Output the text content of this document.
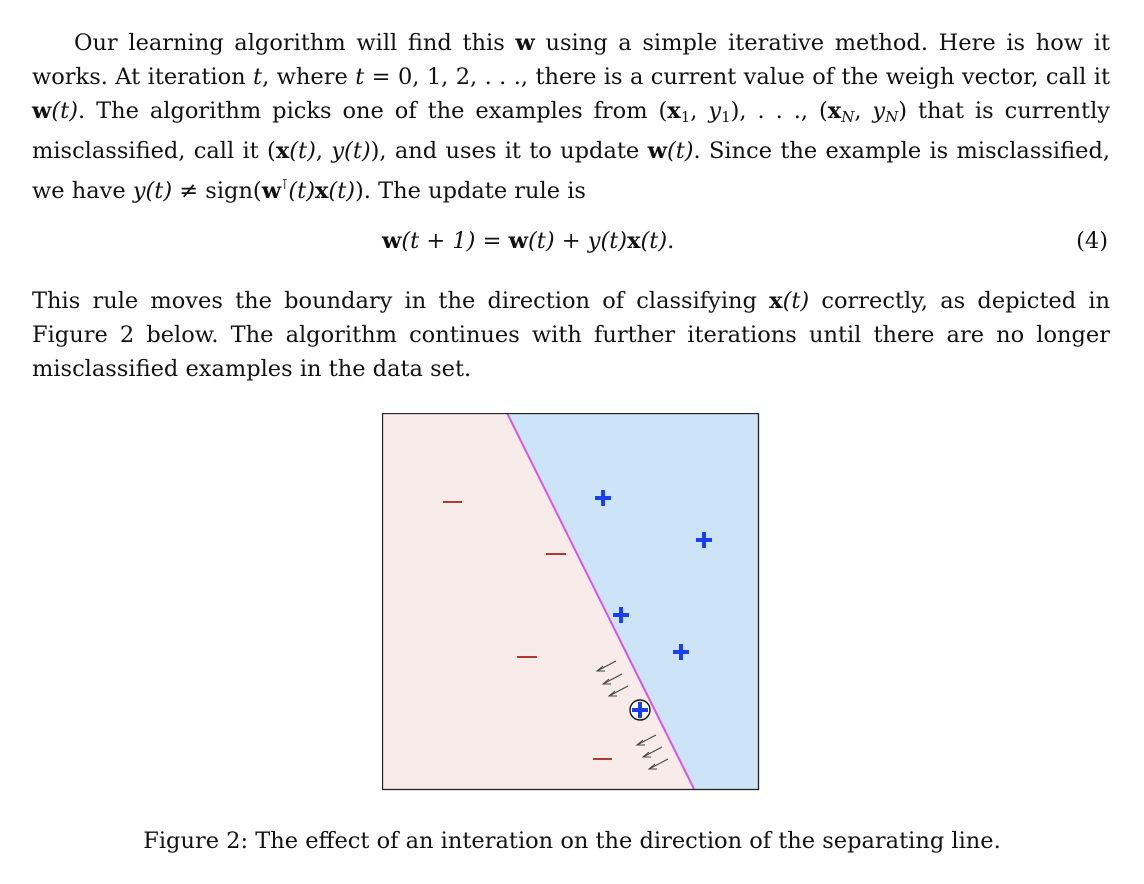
Our learning algorithm will find this w using a simple iterative method. Here is how it works. At iteration t, where t = 0, 1, 2, . . ., there is a current value of the weigh vector, call it w(t). The algorithm picks one of the examples from ($x_1$, $y_1$), . . ., ($x_N$, $y_N$) that is currently misclassified, call it (x(t), y(t)), and uses it to update w(t). Since the example is misclassified, we have y(t) ≠ sign(w⊺(t)x(t)). The update rule is

w(t + 1) = w(t) + y(t)x(t).	(4)

This rule moves the boundary in the direction of classifying x(t) correctly, as depicted in Figure 2 below. The algorithm continues with further iterations until there are no longer misclassified examples in the data set.

Figure 2: The effect of an interation on the direction of the separating line.
